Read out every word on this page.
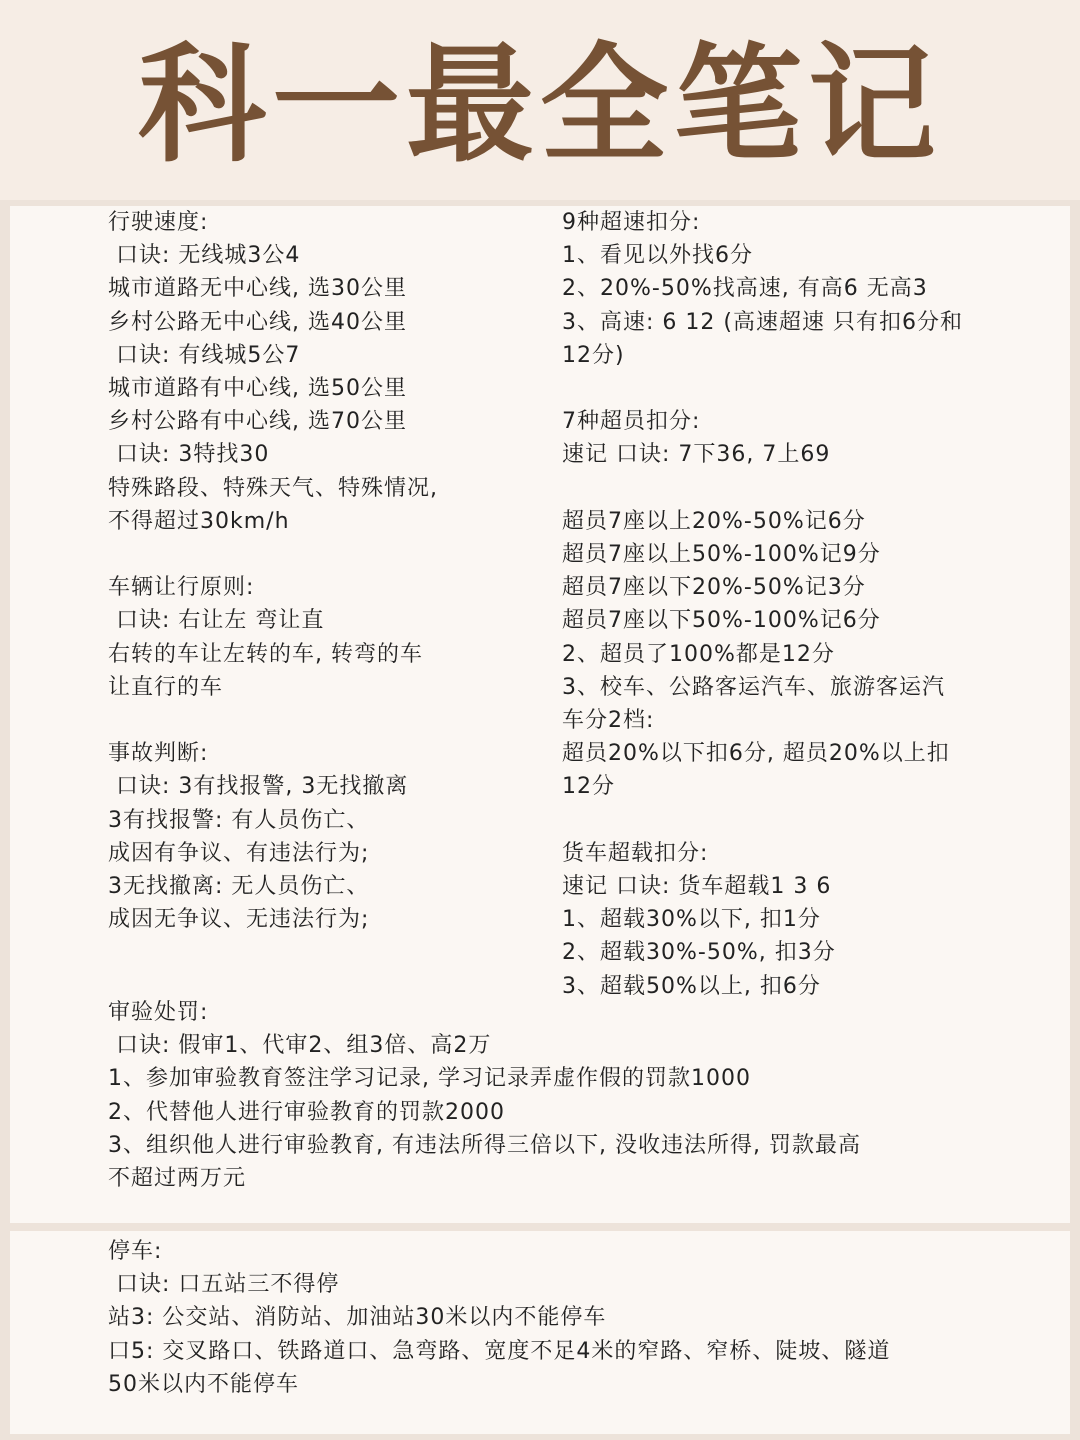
科一最全笔记
行驶速度:
口诀: 无线城3公4
城市道路无中心线, 选30公里
乡村公路无中心线, 选40公里
口诀: 有线城5公7
城市道路有中心线, 选50公里
乡村公路有中心线, 选70公里
口诀: 3特找30
特殊路段、特殊天气、特殊情况,
不得超过30km/h
车辆让行原则:
口诀: 右让左 弯让直
右转的车让左转的车, 转弯的车
让直行的车
事故判断:
口诀: 3有找报警, 3无找撤离
3有找报警: 有人员伤亡、
成因有争议、有违法行为;
3无找撤离: 无人员伤亡、
成因无争议、无违法行为;
9种超速扣分:
1、看见以外找6分
2、20%-50%找高速, 有高6 无高3
3、高速: 6 12 (高速超速 只有扣6分和
12分)
7种超员扣分:
速记 口诀: 7下36, 7上69
超员7座以上20%-50%记6分
超员7座以上50%-100%记9分
超员7座以下20%-50%记3分
超员7座以下50%-100%记6分
2、超员了100%都是12分
3、校车、公路客运汽车、旅游客运汽
车分2档:
超员20%以下扣6分, 超员20%以上扣
12分
货车超载扣分:
速记 口诀: 货车超载1 3 6
1、超载30%以下, 扣1分
2、超载30%-50%, 扣3分
3、超载50%以上, 扣6分
审验处罚:
口诀: 假审1、代审2、组3倍、高2万
1、参加审验教育签注学习记录, 学习记录弄虚作假的罚款1000
2、代替他人进行审验教育的罚款2000
3、组织他人进行审验教育, 有违法所得三倍以下, 没收违法所得, 罚款最高
不超过两万元
停车:
口诀: 口五站三不得停
站3: 公交站、消防站、加油站30米以内不能停车
口5: 交叉路口、铁路道口、急弯路、宽度不足4米的窄路、窄桥、陡坡、隧道
50米以内不能停车
